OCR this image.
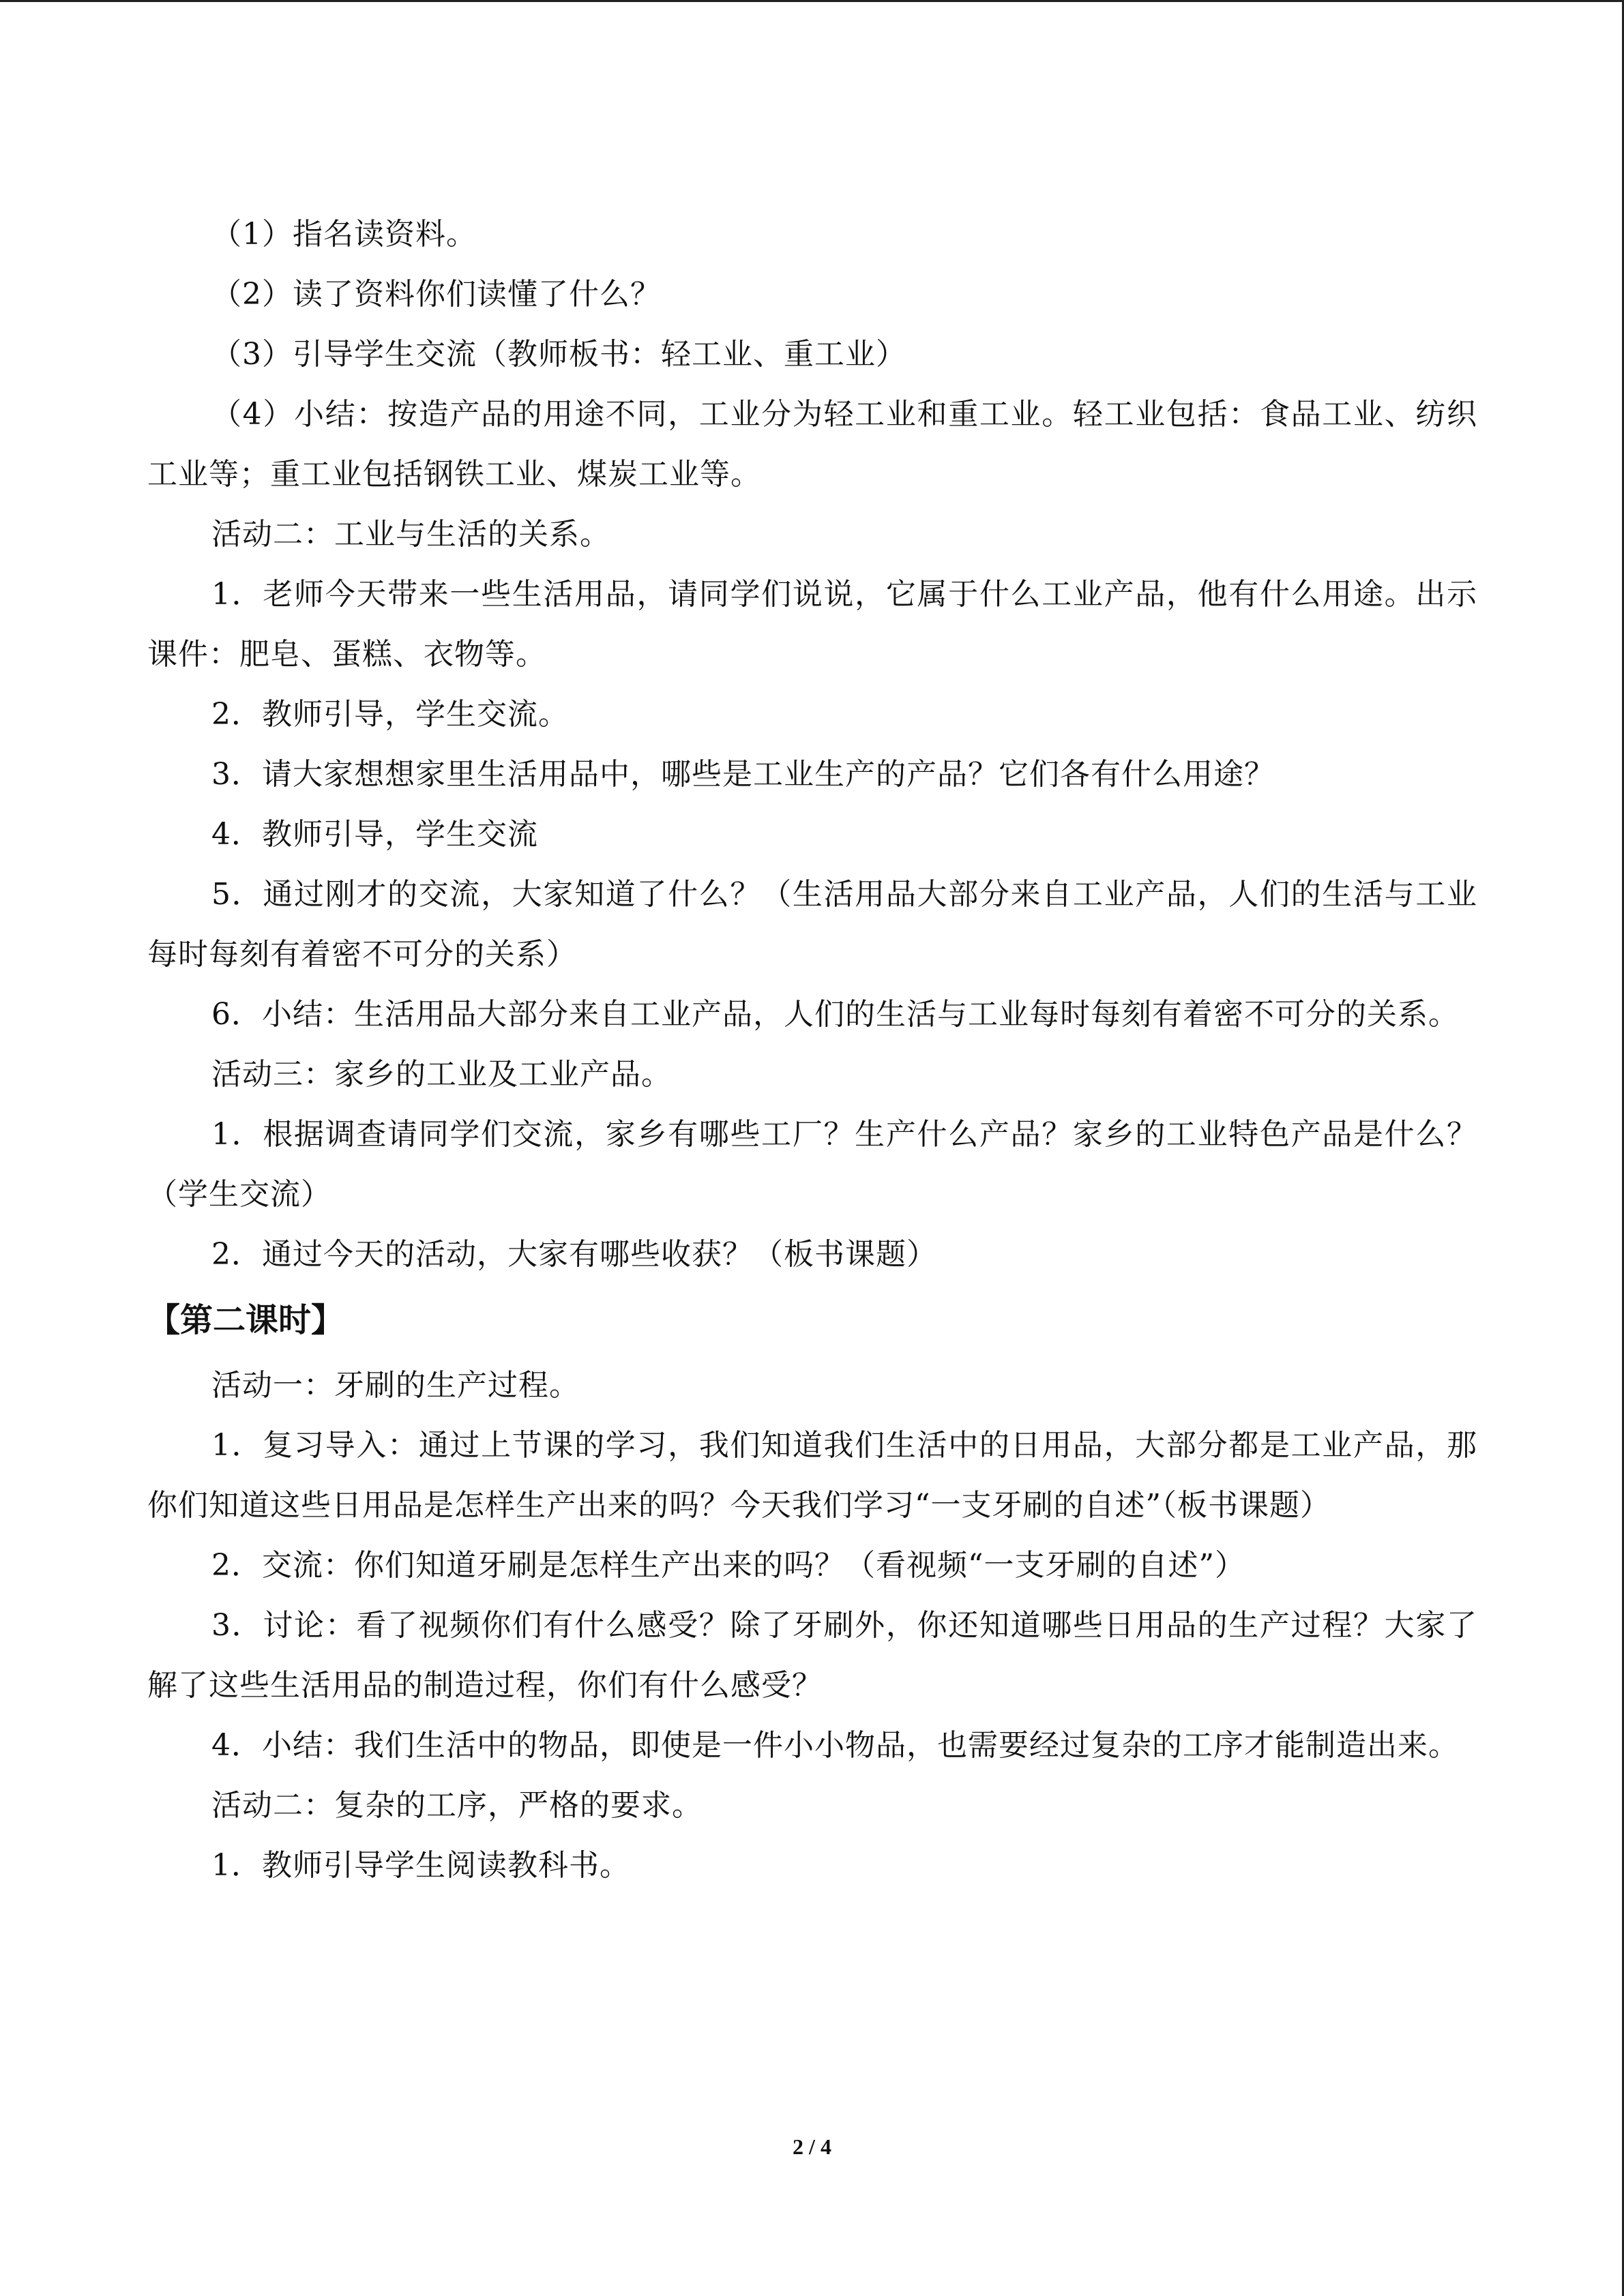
（1）指名读资料。

（2）读了资料你们读懂了什么？

（3）引导学生交流（教师板书：轻工业、重工业）

（4）小结：按造产品的用途不同，工业分为轻工业和重工业。轻工业包括：食品工业、纺织工业等；重工业包括钢铁工业、煤炭工业等。

活动二：工业与生活的关系。

1．老师今天带来一些生活用品，请同学们说说，它属于什么工业产品，他有什么用途。出示课件：肥皂、蛋糕、衣物等。

2．教师引导，学生交流。

3．请大家想想家里生活用品中，哪些是工业生产的产品？它们各有什么用途？

4．教师引导，学生交流

5．通过刚才的交流，大家知道了什么？（生活用品大部分来自工业产品，人们的生活与工业每时每刻有着密不可分的关系）

6．小结：生活用品大部分来自工业产品，人们的生活与工业每时每刻有着密不可分的关系。

活动三：家乡的工业及工业产品。

1．根据调查请同学们交流，家乡有哪些工厂？生产什么产品？家乡的工业特色产品是什么？（学生交流）

2．通过今天的活动，大家有哪些收获？（板书课题）

【第二课时】

活动一：牙刷的生产过程。

1．复习导入：通过上节课的学习，我们知道我们生活中的日用品，大部分都是工业产品，那你们知道这些日用品是怎样生产出来的吗？今天我们学习“一支牙刷的自述”（板书课题）

2．交流：你们知道牙刷是怎样生产出来的吗？（看视频“一支牙刷的自述”）

3．讨论：看了视频你们有什么感受？除了牙刷外，你还知道哪些日用品的生产过程？大家了解了这些生活用品的制造过程，你们有什么感受？

4．小结：我们生活中的物品，即使是一件小小物品，也需要经过复杂的工序才能制造出来。

活动二：复杂的工序，严格的要求。

1．教师引导学生阅读教科书。

2 / 4
